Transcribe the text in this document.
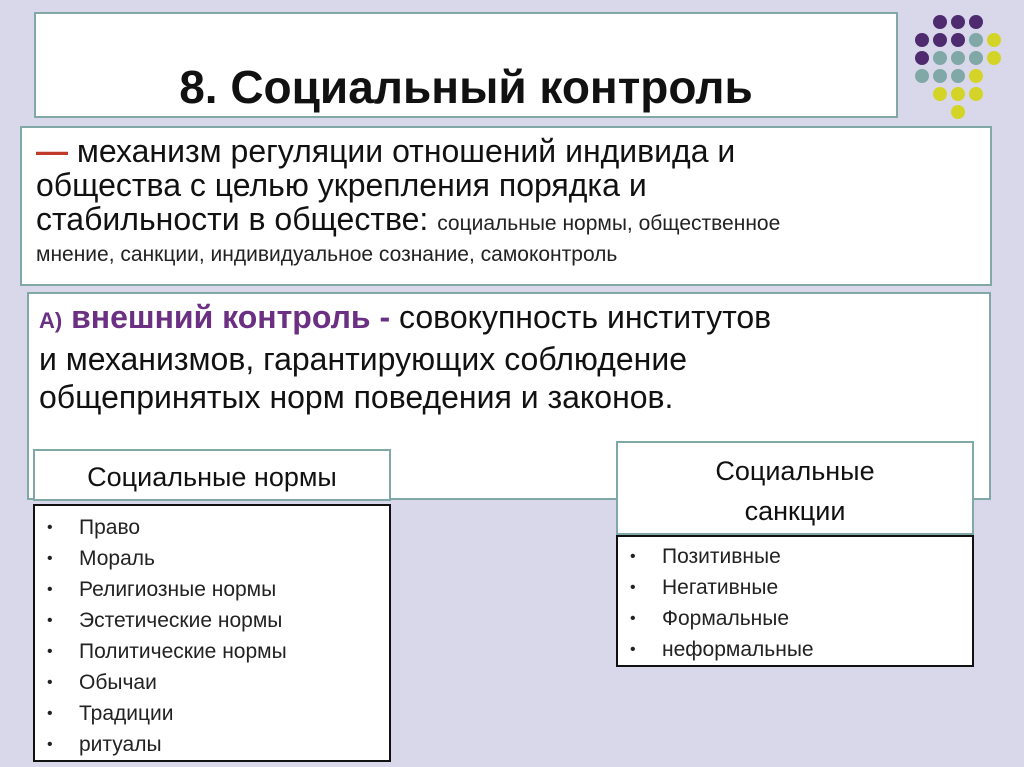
8. Социальный контроль
— механизм регуляции отношений индивида и
общества с целью укрепления порядка и
стабильности в обществе: социальные нормы, общественное
мнение, санкции, индивидуальное сознание, самоконтроль
А) внешний контроль - совокупность институтов
и механизмов, гарантирующих соблюдение
общепринятых норм поведения и законов.
Социальные нормы
• Право
• Мораль
• Религиозные нормы
• Эстетические нормы
• Политические нормы
• Обычаи
• Традиции
• ритуалы
Социальные
санкции
• Позитивные
• Негативные
• Формальные
• неформальные
